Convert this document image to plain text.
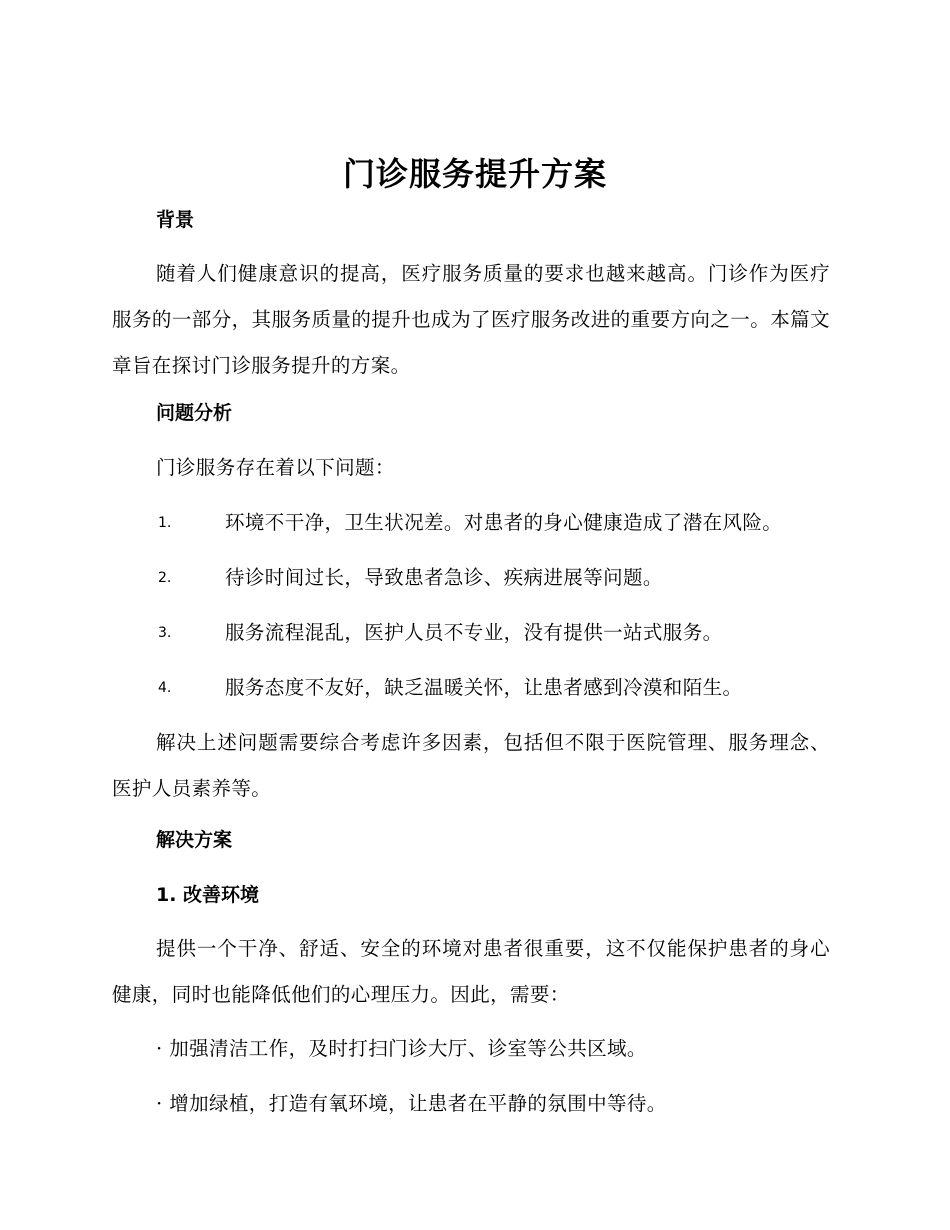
门诊服务提升方案
背景
随着人们健康意识的提高，医疗服务质量的要求也越来越高。门诊作为医疗服务的一部分，其服务质量的提升也成为了医疗服务改进的重要方向之一。本篇文章旨在探讨门诊服务提升的方案。
问题分析
门诊服务存在着以下问题：
1.	环境不干净，卫生状况差。对患者的身心健康造成了潜在风险。
2.	待诊时间过长，导致患者急诊、疾病进展等问题。
3.	服务流程混乱，医护人员不专业，没有提供一站式服务。
4.	服务态度不友好，缺乏温暖关怀，让患者感到冷漠和陌生。
解决上述问题需要综合考虑许多因素，包括但不限于医院管理、服务理念、医护人员素养等。
解决方案
1. 改善环境
提供一个干净、舒适、安全的环境对患者很重要，这不仅能保护患者的身心健康，同时也能降低他们的心理压力。因此，需要：
· 加强清洁工作，及时打扫门诊大厅、诊室等公共区域。
· 增加绿植，打造有氧环境，让患者在平静的氛围中等待。
